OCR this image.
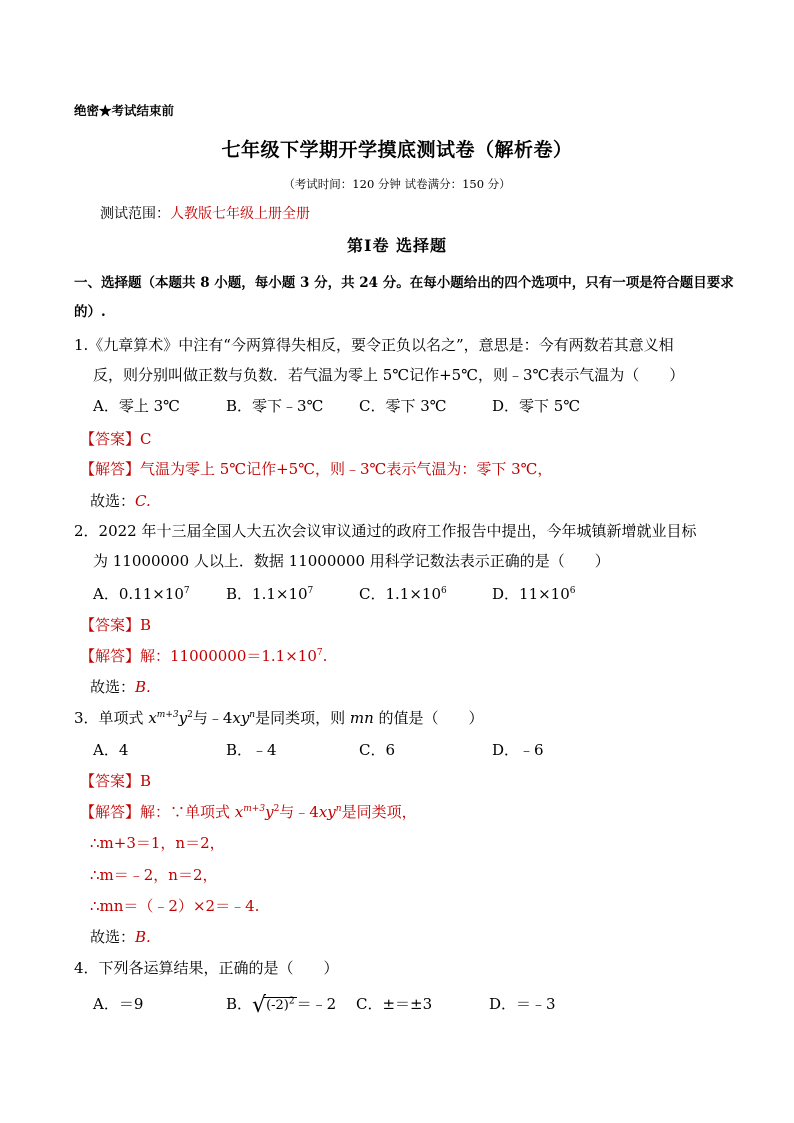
绝密★考试结束前
七年级下学期开学摸底测试卷（解析卷）
（考试时间：120 分钟 试卷满分：150 分）
测试范围：人教版七年级上册全册
第Ⅰ卷 选择题
一、选择题（本题共 8 小题，每小题 3 分，共 24 分。在每小题给出的四个选项中，只有一项是符合题目要求的）.
1.《九章算术》中注有“今两算得失相反，要令正负以名之”，意思是：今有两数若其意义相
反，则分别叫做正数与负数．若气温为零上 5℃记作+5℃，则﹣3℃表示气温为（　　）
A．零上 3℃	B．零下﹣3℃ C．零下 3℃	D．零下 5℃
【答案】C
【解答】气温为零上 5℃记作+5℃，则﹣3℃表示气温为：零下 3℃，
故选：C.
2．2022 年十三届全国人大五次会议审议通过的政府工作报告中提出，今年城镇新增就业目标
为 11000000 人以上．数据 11000000 用科学记数法表示正确的是（　　）
A．$0.11\times 10^7$ B．$1.1\times 10^7$	C．$1.1\times 10^6$	D．$11\times 10^6$
【答案】B
【解答】解：$11000000=1.1\times 10^7$.
故选：B.
3．单项式 $x^{m+3}y^2$与$﹣4xy^n$是同类项，则 mn 的值是（　　）
A．4	B．﹣4	C．6	D．﹣6
【答案】B
【解答】解：∵单项式 $x^{m+3}y^2$与$﹣4xy^n$是同类项，
∴m+3＝1，n＝2，
∴m＝﹣2，n＝2，
∴mn＝（﹣2）×2＝﹣4.
故选：B.
4．下列各运算结果，正确的是（　　）
A．＝9	B．$√(-2)^2$ ＝﹣2 C．±＝±3	D．＝﹣3
